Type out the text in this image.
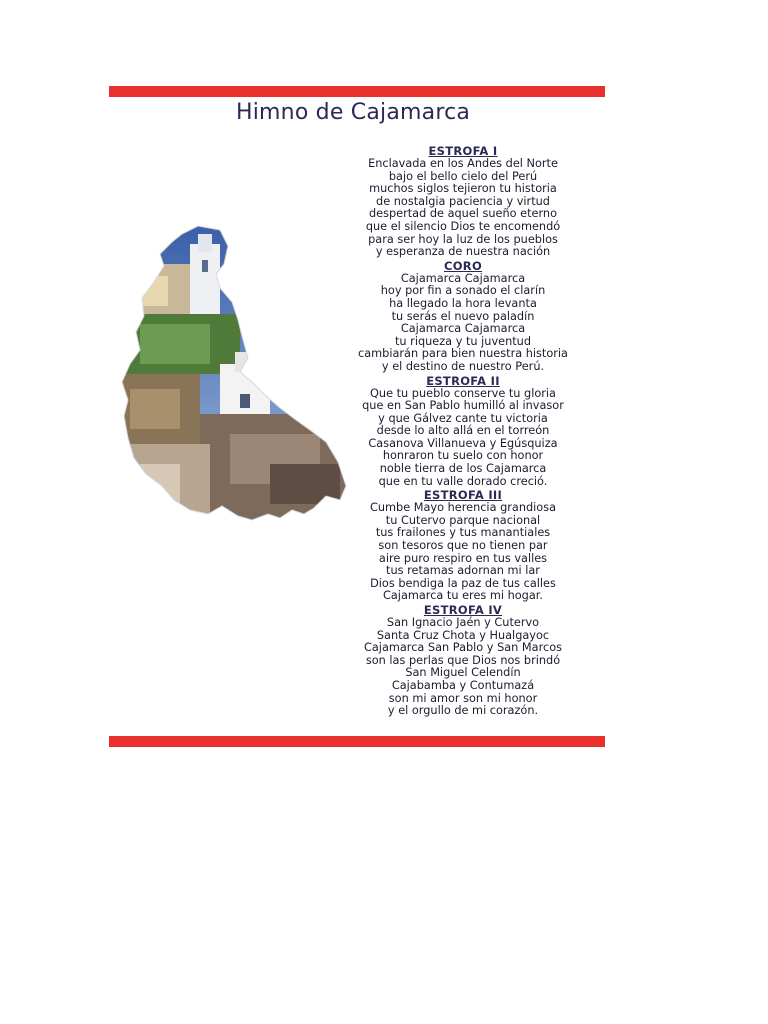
Himno de Cajamarca
ESTROFA I
Enclavada en los Andes del Norte
bajo el bello cielo del Perú
muchos siglos tejieron tu historia
de nostalgia paciencia y virtud
despertad de aquel sueño eterno
que el silencio Dios te encomendó
para ser hoy la luz de los pueblos
y esperanza de nuestra nación
CORO
Cajamarca Cajamarca
hoy por fin a sonado el clarín
ha llegado la hora levanta
tu serás el nuevo paladín
Cajamarca Cajamarca
tu riqueza y tu juventud
cambiarán para bien nuestra historia
y el destino de nuestro Perú.
ESTROFA II
Que tu pueblo conserve tu gloria
que en San Pablo humilló al invasor
y que Gálvez cante tu victoria
desde lo alto allá en el torreón
Casanova Villanueva y Egúsquiza
honraron tu suelo con honor
noble tierra de los Cajamarca
que en tu valle dorado creció.
ESTROFA III
Cumbe Mayo herencia grandiosa
tu Cutervo parque nacional
tus frailones y tus manantiales
son tesoros que no tienen par
aire puro respiro en tus valles
tus retamas adornan mi lar
Dios bendiga la paz de tus calles
Cajamarca tu eres mi hogar.
ESTROFA IV
San Ignacio Jaén y Cutervo
Santa Cruz Chota y Hualgayoc
Cajamarca San Pablo y San Marcos
son las perlas que Dios nos brindó
San Miguel Celendín
Cajabamba y Contumazá
son mi amor son mi honor
y el orgullo de mi corazón.
